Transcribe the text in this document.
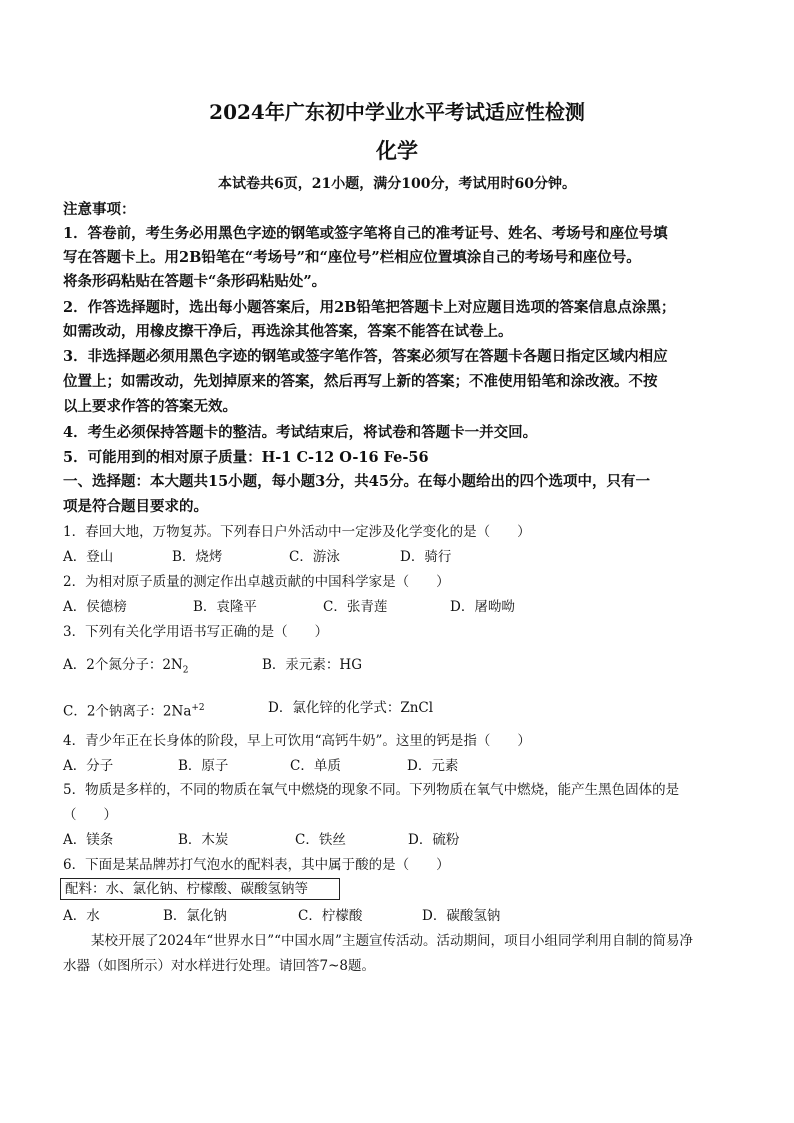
2024年广东初中学业水平考试适应性检测
化学
本试卷共6页，21小题，满分100分，考试用时60分钟。
注意事项：
1．答卷前，考生务必用黑色字迹的钢笔或签字笔将自己的准考证号、姓名、考场号和座位号填
写在答题卡上。用2B铅笔在“考场号”和“座位号”栏相应位置填涂自己的考场号和座位号。
将条形码粘贴在答题卡“条形码粘贴处”。
2．作答选择题时，选出每小题答案后，用2B铅笔把答题卡上对应题目选项的答案信息点涂黑；
如需改动，用橡皮擦干净后，再选涂其他答案，答案不能答在试卷上。
3．非选择题必须用黑色字迹的钢笔或签字笔作答，答案必须写在答题卡各题日指定区域内相应
位置上；如需改动，先划掉原来的答案，然后再写上新的答案；不准使用铅笔和涂改液。不按
以上要求作答的答案无效。
4．考生必须保持答题卡的整洁。考试结束后，将试卷和答题卡一并交回。
5．可能用到的相对原子质量：H-1 C-12 O-16 Fe-56
一、选择题：本大题共15小题，每小题3分，共45分。在每小题给出的四个选项中，只有一
项是符合题目要求的。
1．春回大地，万物复苏。下列春日户外活动中一定涉及化学变化的是（　　）
A．登山	B．烧烤	C．游泳	D．骑行
2．为相对原子质量的测定作出卓越贡献的中国科学家是（　　）
A．侯德榜	B．袁隆平	C．张青莲	D．屠呦呦
3．下列有关化学用语书写正确的是（　　）
A．2个氮分子：$2N_2$	B．汞元素：HG
C．2个钠离子：$2Na^{+2}$	D．氯化锌的化学式：ZnCl
4．青少年正在长身体的阶段，早上可饮用“高钙牛奶”。这里的钙是指（　　）
A．分子	B．原子	C．单质	D．元素
5．物质是多样的，不同的物质在氧气中燃烧的现象不同。下列物质在氧气中燃烧，能产生黑色固体的是
（　　）
A．镁条	B．木炭	C．铁丝	D．硫粉
6．下面是某品牌苏打气泡水的配料表，其中属于酸的是（　　）
配料：水、氯化钠、柠檬酸、碳酸氢钠等
A．水	B．氯化钠	C．柠檬酸	D．碳酸氢钠
某校开展了2024年“世界水日”“中国水周”主题宣传活动。活动期间，项目小组同学利用自制的简易净
水器（如图所示）对水样进行处理。请回答7~8题。
